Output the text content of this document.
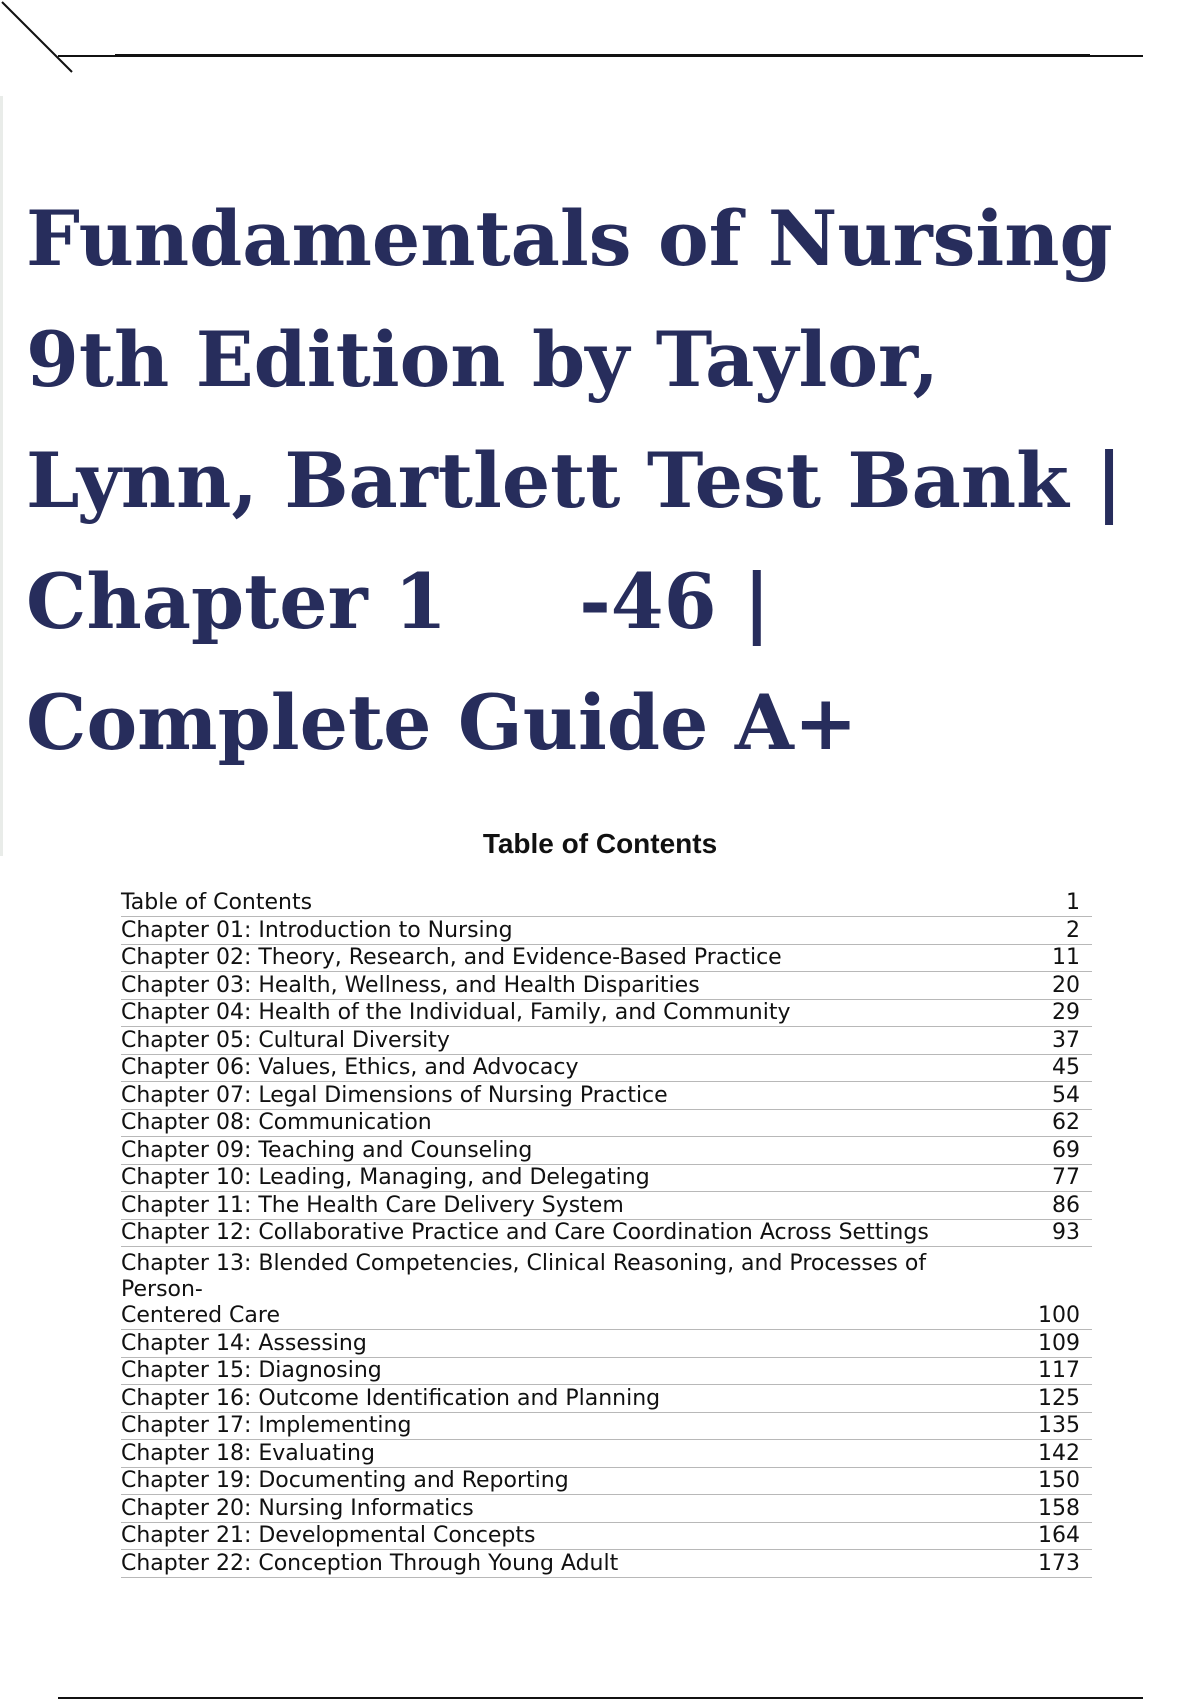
Fundamentals of Nursing
9th Edition by Taylor,
Lynn, Bartlett Test Bank |
Chapter 1     -46 |
Complete Guide A+
Table of Contents
Table of Contents	1
Chapter 01: Introduction to Nursing	2
Chapter 02: Theory, Research, and Evidence-Based Practice	11
Chapter 03: Health, Wellness, and Health Disparities	20
Chapter 04: Health of the Individual, Family, and Community	29
Chapter 05: Cultural Diversity	37
Chapter 06: Values, Ethics, and Advocacy	45
Chapter 07: Legal Dimensions of Nursing Practice	54
Chapter 08: Communication	62
Chapter 09: Teaching and Counseling	69
Chapter 10: Leading, Managing, and Delegating	77
Chapter 11: The Health Care Delivery System	86
Chapter 12: Collaborative Practice and Care Coordination Across Settings	93
Chapter 13: Blended Competencies, Clinical Reasoning, and Processes of
Person-
Centered Care	100
Chapter 14: Assessing	109
Chapter 15: Diagnosing	117
Chapter 16: Outcome Identification and Planning	125
Chapter 17: Implementing	135
Chapter 18: Evaluating	142
Chapter 19: Documenting and Reporting	150
Chapter 20: Nursing Informatics	158
Chapter 21: Developmental Concepts	164
Chapter 22: Conception Through Young Adult	173
